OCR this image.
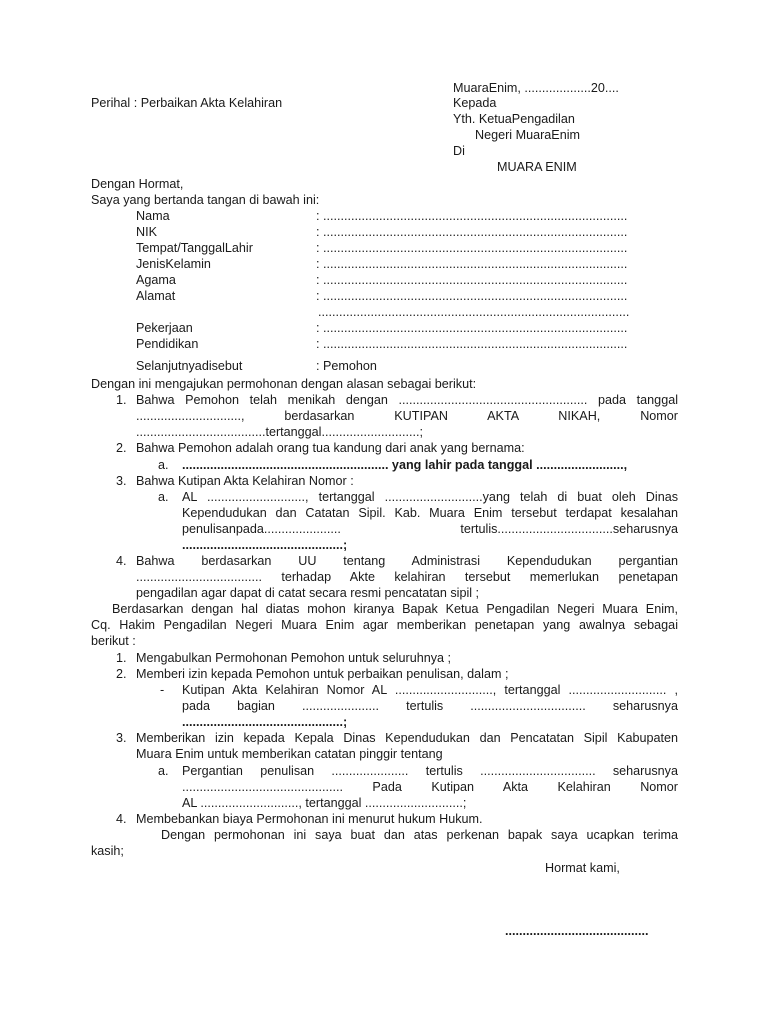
MuaraEnim, ...................20....
Perihal : Perbaikan Akta Kelahiran	Kepada
Yth. KetuaPengadilan
Negeri MuaraEnim
Di
MUARA ENIM
Dengan Hormat,
Saya yang bertanda tangan di bawah ini:
Nama	: .......................................................................................
NIK	: .......................................................................................
Tempat/TanggalLahir	: .......................................................................................
JenisKelamin	: .......................................................................................
Agama	: .......................................................................................
Alamat	: .......................................................................................
.........................................................................................
Pekerjaan	: .......................................................................................
Pendidikan	: .......................................................................................
Selanjutnyadisebut	: Pemohon
Dengan ini mengajukan permohonan dengan alasan sebagai berikut:
1. Bahwa Pemohon telah menikah dengan ...................................................... pada tanggal
.............................., berdasarkan KUTIPAN AKTA NIKAH, Nomor
.....................................tertanggal............................;
2. Bahwa Pemohon adalah orang tua kandung dari anak yang bernama:
a. ........................................................... yang lahir pada tanggal .........................,
3. Bahwa Kutipan Akta Kelahiran Nomor :
a. AL ............................, tertanggal ............................yang telah di buat oleh Dinas
Kependudukan dan Catatan Sipil. Kab. Muara Enim tersebut terdapat kesalahan
penulisanpada...................... tertulis.................................seharusnya
..............................................;
4. Bahwa berdasarkan UU tentang Administrasi Kependudukan pergantian
.................................... terhadap Akte kelahiran tersebut memerlukan penetapan
pengadilan agar dapat di catat secara resmi pencatatan sipil ;
Berdasarkan dengan hal diatas mohon kiranya Bapak Ketua Pengadilan Negeri Muara Enim,
Cq. Hakim Pengadilan Negeri Muara Enim agar memberikan penetapan yang awalnya sebagai
berikut :
1. Mengabulkan Permohonan Pemohon untuk seluruhnya ;
2. Memberi izin kepada Pemohon untuk perbaikan penulisan, dalam ;
- Kutipan Akta Kelahiran Nomor AL ............................, tertanggal ............................ ,
pada bagian ...................... tertulis ................................. seharusnya
..............................................;
3. Memberikan izin kepada Kepala Dinas Kependudukan dan Pencatatan Sipil Kabupaten
Muara Enim untuk memberikan catatan pinggir tentang
a. Pergantian penulisan ...................... tertulis ................................. seharusnya
.............................................. Pada Kutipan Akta Kelahiran Nomor
AL ............................, tertanggal ............................;
4. Membebankan biaya Permohonan ini menurut hukum Hukum.
Dengan permohonan ini saya buat dan atas perkenan bapak saya ucapkan terima
kasih;
Hormat kami,
.........................................
